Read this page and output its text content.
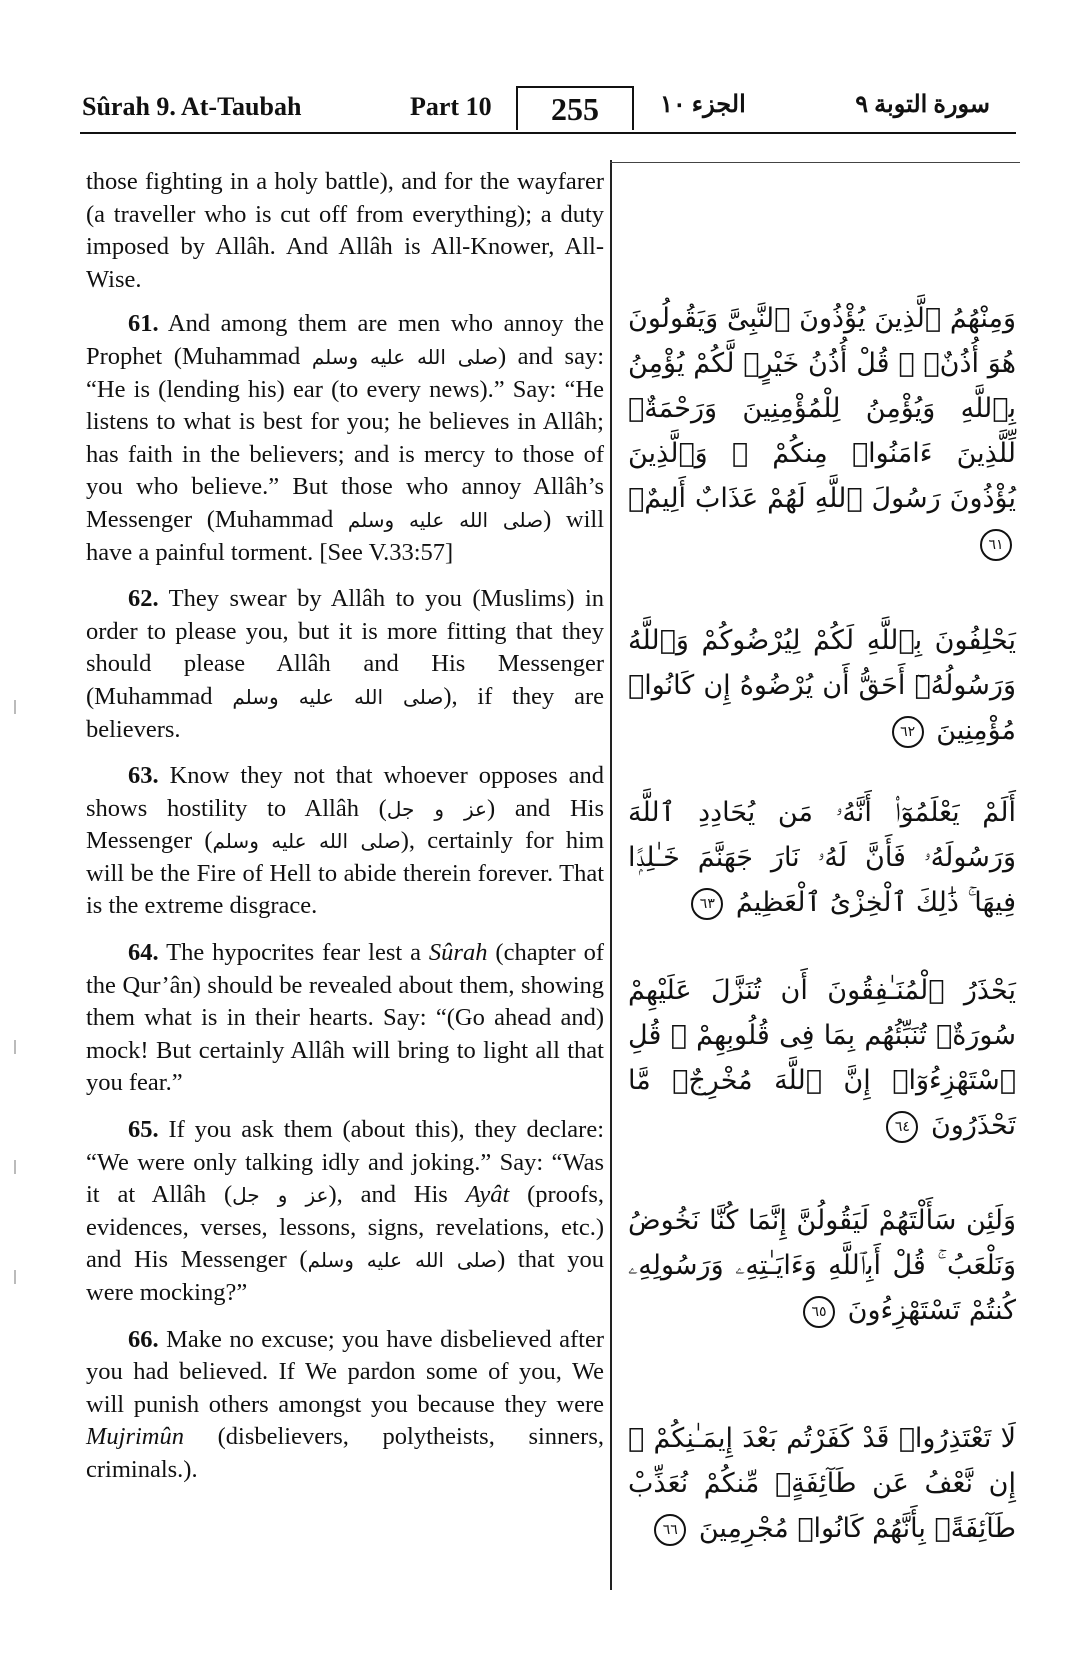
Sûrah 9. At-Taubah	Part 10	255	الجزء ١٠	سورة التوبة ٩

those fighting in a holy battle), and for the wayfarer (a traveller who is cut off from everything); a duty imposed by Allâh. And Allâh is All-Knower, All-Wise.

61. And among them are men who annoy the Prophet (Muhammad صلى الله عليه وسلم) and say: “He is (lending his) ear (to every news).” Say: “He listens to what is best for you; he believes in Allâh; has faith in the believers; and is mercy to those of you who believe.” But those who annoy Allâh’s Messenger (Muhammad صلى الله عليه وسلم) will have a painful torment. [See V.33:57]

62. They swear by Allâh to you (Muslims) in order to please you, but it is more fitting that they should please Allâh and His Messenger (Muhammad صلى الله عليه وسلم), if they are believers.

63. Know they not that whoever opposes and shows hostility to Allâh (عز و جل) and His Messenger (صلى الله عليه وسلم), certainly for him will be the Fire of Hell to abide therein forever. That is the extreme disgrace.

64. The hypocrites fear lest a Sûrah (chapter of the Qur’ân) should be revealed about them, showing them what is in their hearts. Say: “(Go ahead and) mock! But certainly Allâh will bring to light all that you fear.”

65. If you ask them (about this), they declare: “We were only talking idly and joking.” Say: “Was it at Allâh (عز و جل), and His Ayât (proofs, evidences, verses, lessons, signs, revelations, etc.) and His Messenger (صلى الله عليه وسلم) that you were mocking?”

66. Make no excuse; you have disbelieved after you had believed. If We pardon some of you, We will punish others amongst you because they were Mujrimûn (disbelievers, polytheists, sinners, criminals.).

وَمِنْهُمُ ٱلَّذِينَ يُؤْذُونَ ٱلنَّبِىَّ وَيَقُولُونَ هُوَ أُذُنٌۭ ۚ قُلْ أُذُنُ خَيْرٍۢ لَّكُمْ يُؤْمِنُ بِٱللَّهِ وَيُؤْمِنُ لِلْمُؤْمِنِينَ وَرَحْمَةٌۭ لِّلَّذِينَ ءَامَنُوا۟ مِنكُمْ ۚ وَٱلَّذِينَ يُؤْذُونَ رَسُولَ ٱللَّهِ لَهُمْ عَذَابٌ أَلِيمٌۭ ٦١
يَحْلِفُونَ بِٱللَّهِ لَكُمْ لِيُرْضُوكُمْ وَٱللَّهُ وَرَسُولُهُۥٓ أَحَقُّ أَن يُرْضُوهُ إِن كَانُوا۟ مُؤْمِنِينَ ٦٢
أَلَمْ يَعْلَمُوٓا۟ أَنَّهُۥ مَن يُحَادِدِ ٱللَّهَ وَرَسُولَهُۥ فَأَنَّ لَهُۥ نَارَ جَهَنَّمَ خَـٰلِدًۭا فِيهَا ۚ ذَٰلِكَ ٱلْخِزْىُ ٱلْعَظِيمُ ٦٣
يَحْذَرُ ٱلْمُنَـٰفِقُونَ أَن تُنَزَّلَ عَلَيْهِمْ سُورَةٌۭ تُنَبِّئُهُم بِمَا فِى قُلُوبِهِمْ ۚ قُلِ ٱسْتَهْزِءُوٓا۟ إِنَّ ٱللَّهَ مُخْرِجٌۭ مَّا تَحْذَرُونَ ٦٤
وَلَئِن سَأَلْتَهُمْ لَيَقُولُنَّ إِنَّمَا كُنَّا نَخُوضُ وَنَلْعَبُ ۚ قُلْ أَبِٱللَّهِ وَءَايَـٰتِهِۦ وَرَسُولِهِۦ كُنتُمْ تَسْتَهْزِءُونَ ٦٥
لَا تَعْتَذِرُوا۟ قَدْ كَفَرْتُم بَعْدَ إِيمَـٰنِكُمْ ۚ إِن نَّعْفُ عَن طَآئِفَةٍۢ مِّنكُمْ نُعَذِّبْ طَآئِفَةًۢ بِأَنَّهُمْ كَانُوا۟ مُجْرِمِينَ ٦٦
